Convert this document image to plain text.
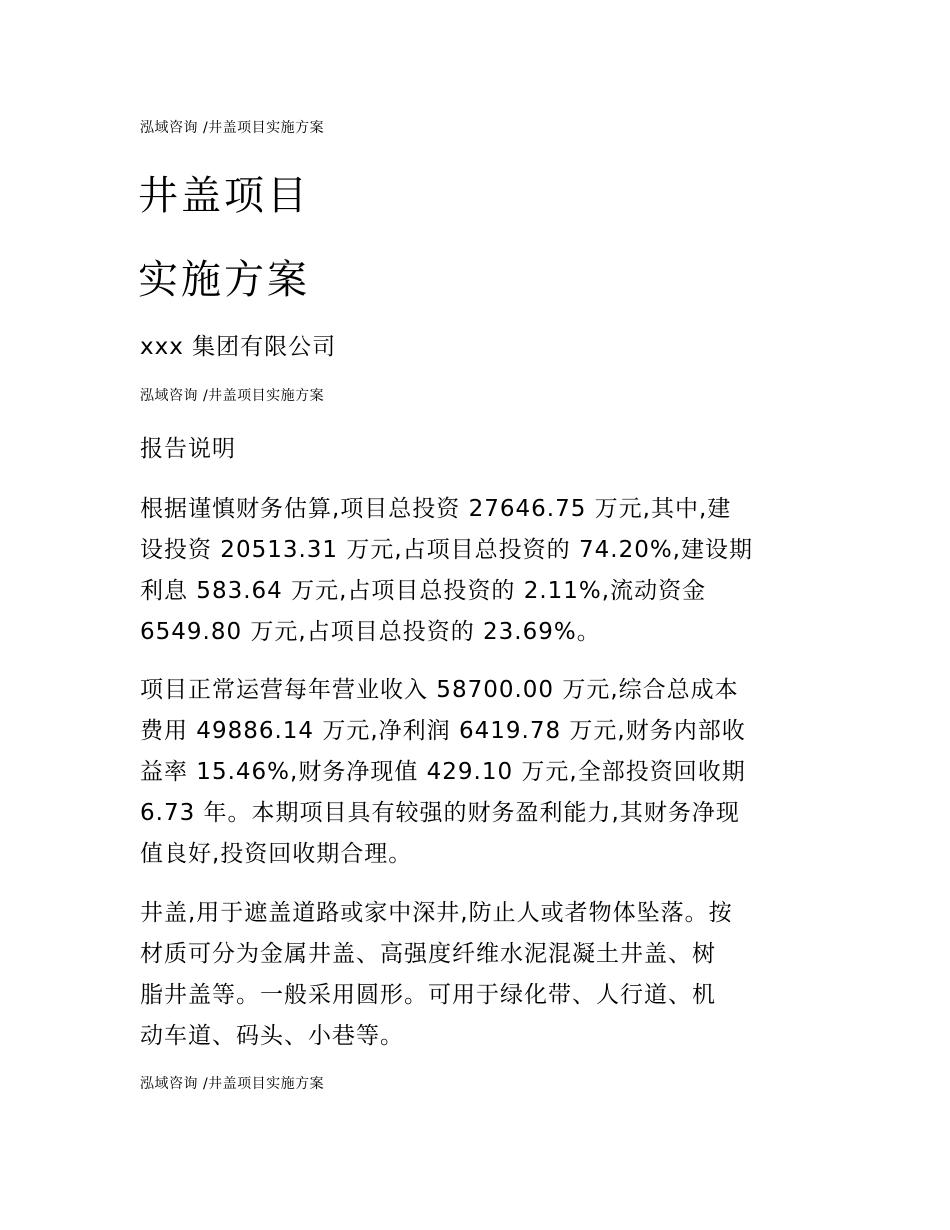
泓域咨询 /井盖项目实施方案
井盖项目
实施方案
xxx 集团有限公司
泓域咨询 /井盖项目实施方案
报告说明
根据谨慎财务估算,项目总投资 27646.75 万元,其中,建
设投资 20513.31 万元,占项目总投资的 74.20%,建设期
利息 583.64 万元,占项目总投资的 2.11%,流动资金
6549.80 万元,占项目总投资的 23.69%。
项目正常运营每年营业收入 58700.00 万元,综合总成本
费用 49886.14 万元,净利润 6419.78 万元,财务内部收
益率 15.46%,财务净现值 429.10 万元,全部投资回收期
6.73 年。本期项目具有较强的财务盈利能力,其财务净现
值良好,投资回收期合理。
井盖,用于遮盖道路或家中深井,防止人或者物体坠落。按
材质可分为金属井盖、高强度纤维水泥混凝土井盖、树
脂井盖等。一般采用圆形。可用于绿化带、人行道、机
动车道、码头、小巷等。
泓域咨询 /井盖项目实施方案
